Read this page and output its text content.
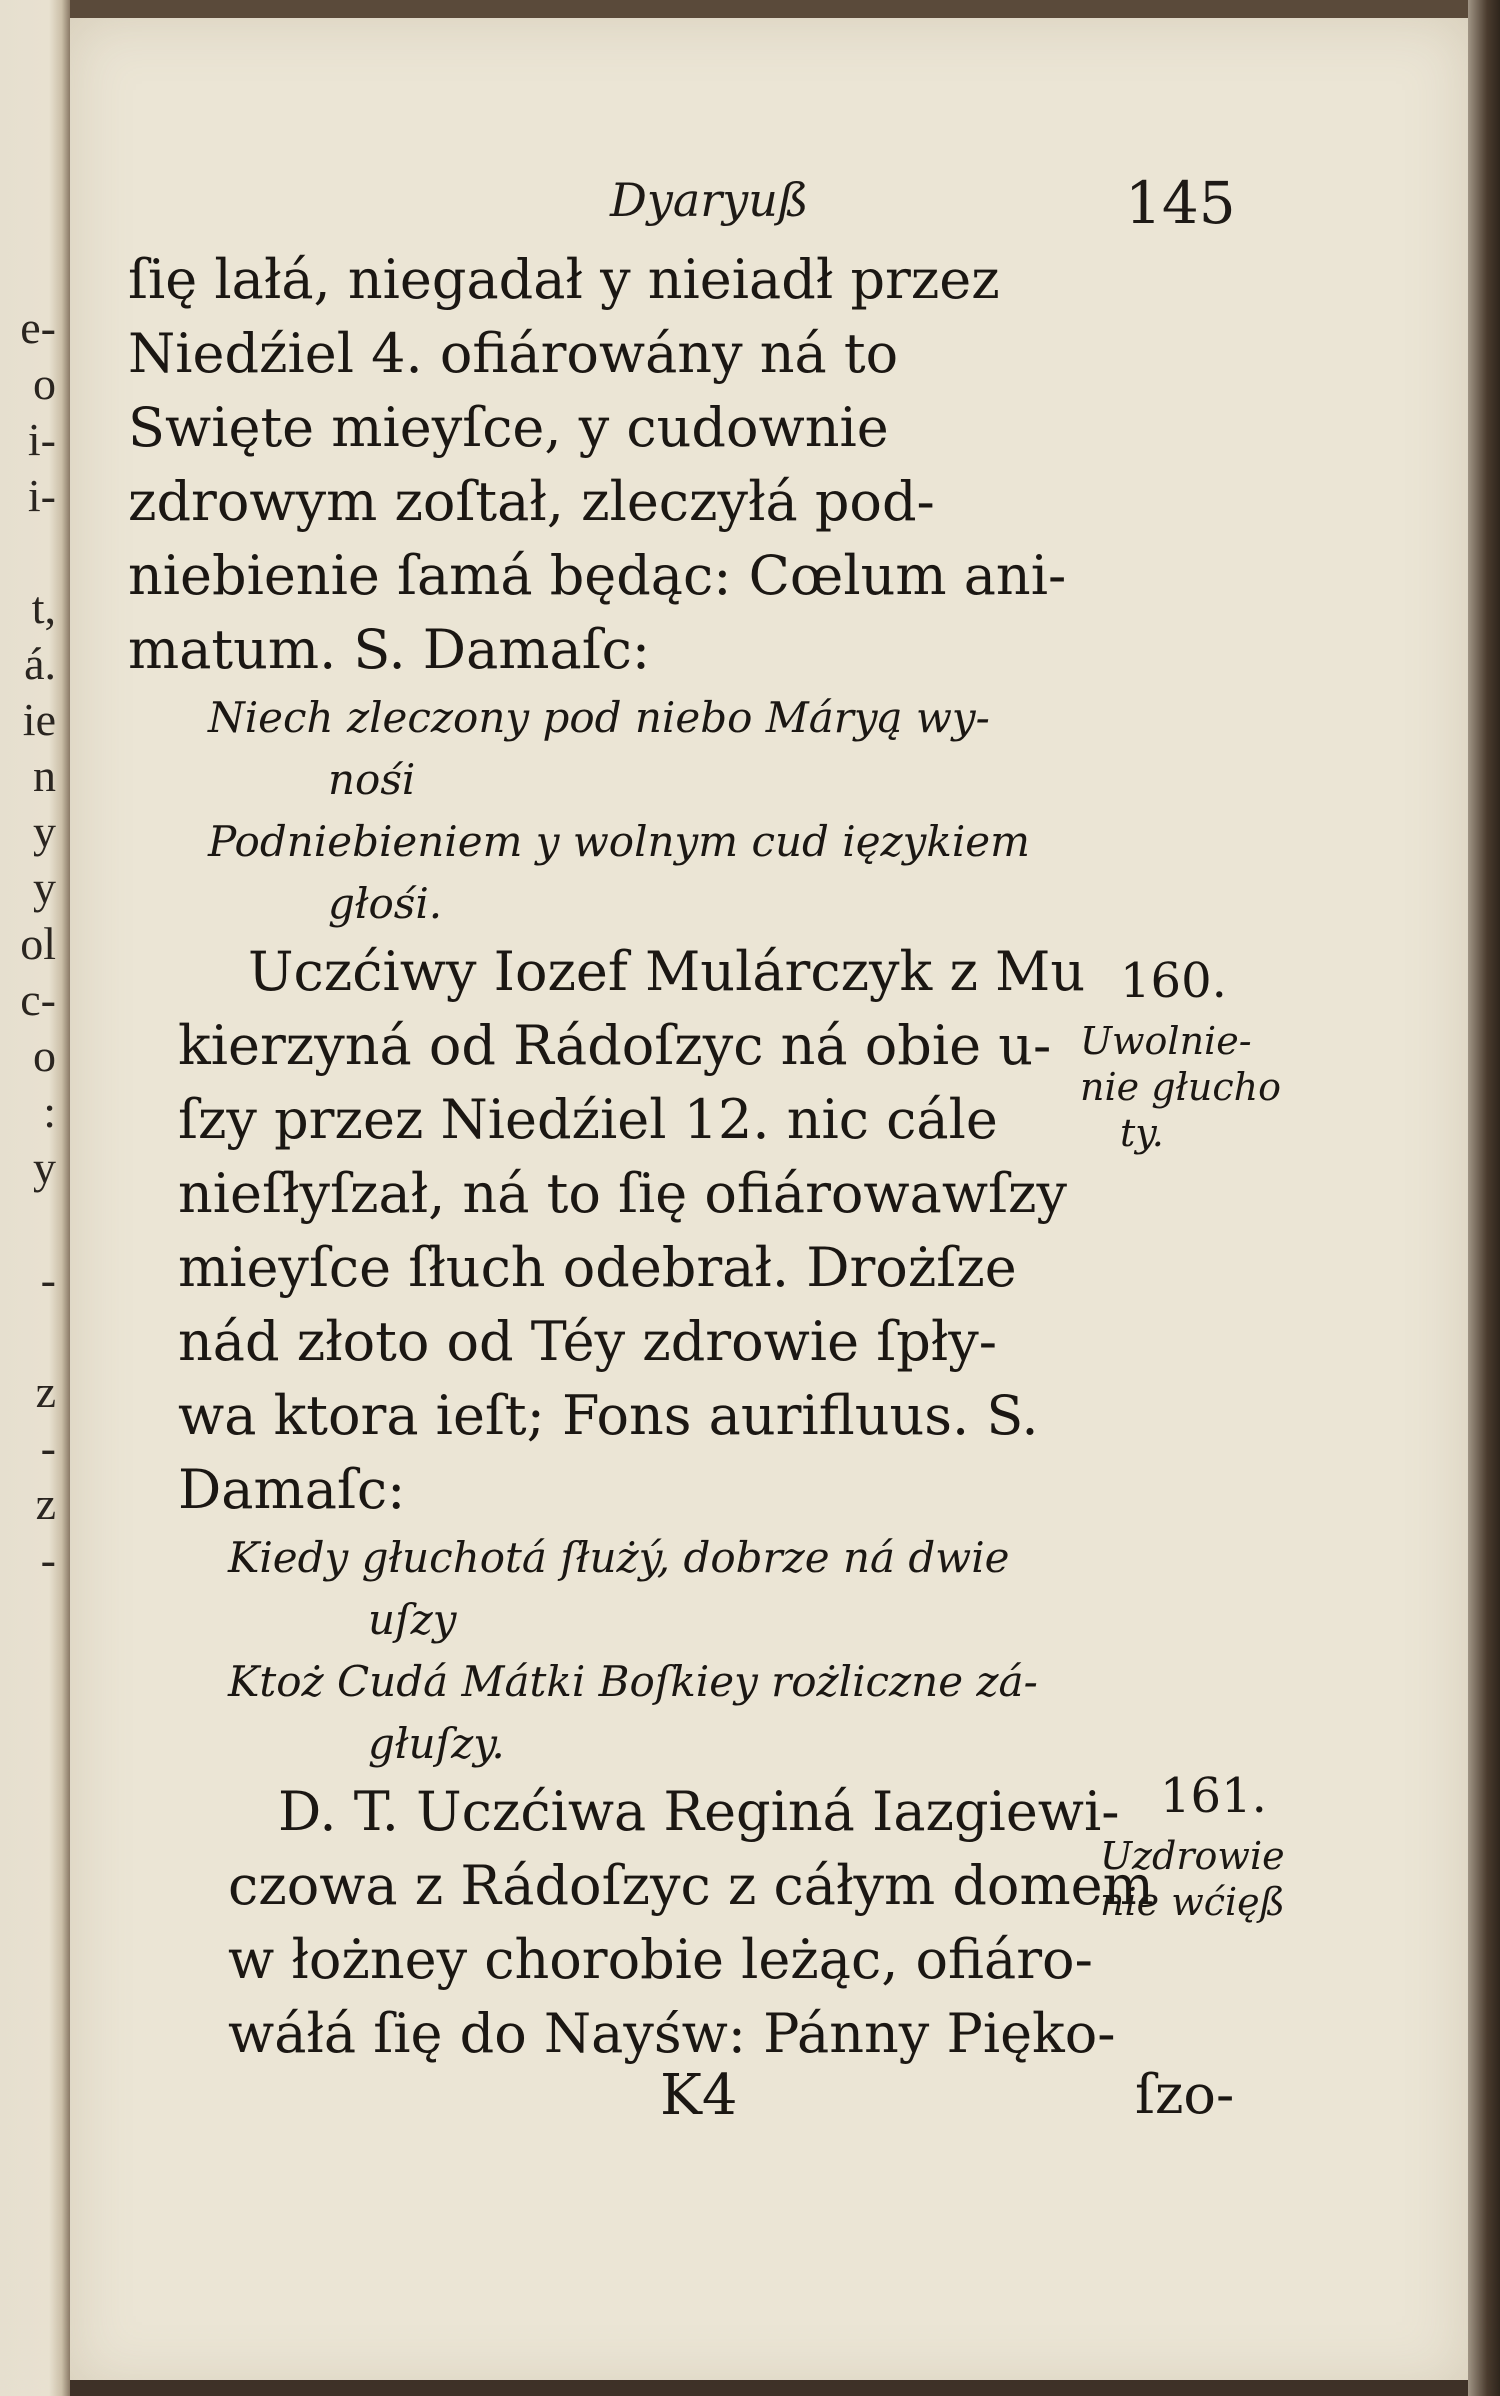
e-
o
i-
i-
t,
á.
ie
n
y
y
ol
c-
o
:
y
-
z
-
z
-
Dyaryuß	145
ſię lałá, niegadał y nieiadł przez
Niedźiel 4. ofiárowány ná to
Swięte mieyſce, y cudownie
zdrowym zoſtał, zleczyłá pod-
niebienie ſamá będąc: Cœlum ani-
matum. S. Damaſc:
Niech zleczony pod niebo Máryą wy-
nośi
Podniebieniem y wolnym cud ięzykiem
głośi.
Uczćiwy Iozef Mulárczyk z Mu
kierzyná od Rádoſzyc ná obie u-
ſzy przez Niedźiel 12. nic cále
nieſłyſzał, ná to ſię ofiárowawſzy
mieyſce ſłuch odebrał. Drożſze
nád złoto od Téy zdrowie ſpły-
wa ktora ieſt; Fons aurifluus. S.
Damaſc:
Kiedy głuchotá ſłużý, dobrze ná dwie
uſzy
Ktoż Cudá Mátki Boſkiey rożliczne zá-
głuſzy.
D. T. Uczćiwa Reginá Iazgiewi-
czowa z Rádoſzyc z cáłym domem
w łożney chorobie leżąc, ofiáro-
wáłá ſię do Nayśw: Pánny Pięko-
160.
Uwolnie-
nie głucho
ty.
161.
Uzdrowie
nie wćięß
K4	ſzo-
